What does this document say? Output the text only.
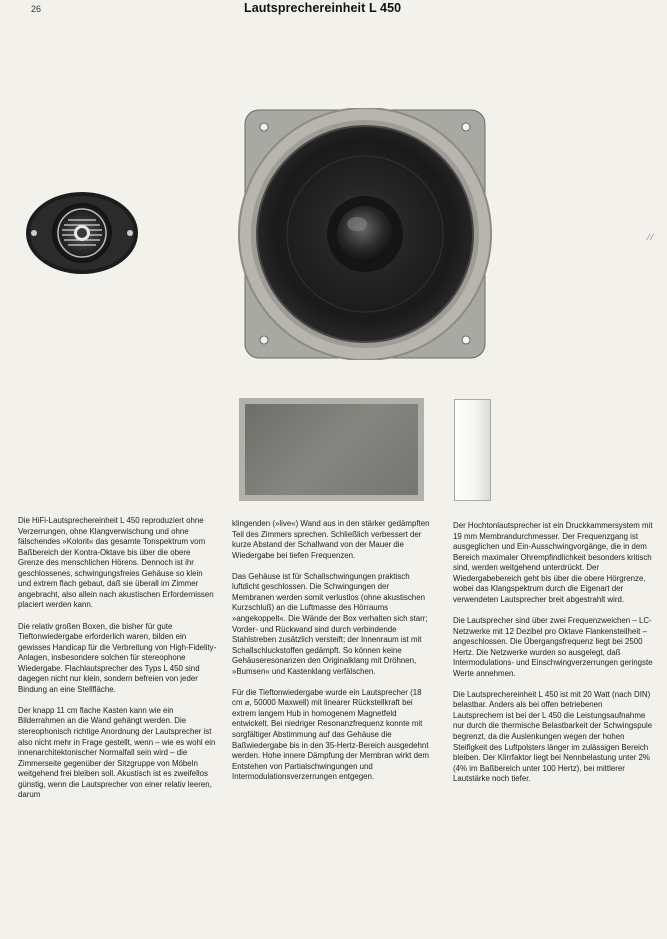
26	Lautsprechereinheit L 450
⁄ ⁄

Die HiFi-Lautsprechereinheit L 450 reproduziert ohne Verzerrungen, ohne Klangverwischung und ohne fälschendes »Kolorit« das gesamte Tonspektrum vom Baßbereich der Kontra-Oktave bis über die obere Grenze des menschlichen Hörens. Dennoch ist ihr geschlossenes, schwingungsfreies Gehäuse so klein und extrem flach gebaut, daß sie überall im Zimmer angebracht, also allein nach akustischen Erfordernissen placiert werden kann.

Die relativ großen Boxen, die bisher für gute Tieftonwiedergabe erforderlich waren, bilden ein gewisses Handicap für die Verbreitung von High-Fidelity-Anlagen, insbesondere solchen für stereophone Wiedergabe. Flachlautsprecher des Typs L 450 sind dagegen nicht nur klein, sondern befreien von jeder Bindung an eine Stellfläche.

Der knapp 11 cm flache Kasten kann wie ein Bilderrahmen an die Wand gehängt werden. Die stereophonisch richtige Anordnung der Lautsprecher ist also nicht mehr in Frage gestellt, wenn – wie es wohl ein innenarchitektonischer Normalfall sein wird – die Zimmerseite gegenüber der Sitzgruppe von Möbeln weitgehend frei bleiben soll. Akustisch ist es zweifellos günstig, wenn die Lautsprecher von einer relativ leeren, darum

klingenden (»live«) Wand aus in den stärker gedämpften Teil des Zimmers sprechen. Schließlich verbessert der kurze Abstand der Schallwand von der Mauer die Wiedergabe bei tiefen Frequenzen.

Das Gehäuse ist für Schallschwingungen praktisch luftdicht geschlossen. Die Schwingungen der Membranen werden somit verlustlos (ohne akustischen Kurzschluß) an die Luftmasse des Hörraums »angekoppelt«. Die Wände der Box verhalten sich starr; Vorder- und Rückwand sind durch verbindende Stahlstreben zusätzlich versteift; der Innenraum ist mit Schallschluckstoffen gedämpft. So können keine Gehäuseresonanzen den Originalklang mit Dröhnen, »Bumsen« und Kastenklang verfälschen.

Für die Tieftonwiedergabe wurde ein Lautsprecher (18 cm ⌀, 50000 Maxwell) mit linearer Rückstellkraft bei extrem langem Hub in homogenem Magnetfeld entwickelt. Bei niedriger Resonanzfrequenz konnte mit sorgfältiger Abstimmung auf das Gehäuse die Baßwiedergabe bis in den 35-Hertz-Bereich ausgedehnt werden. Hohe innere Dämpfung der Membran wirkt dem Entstehen von Partialschwingungen und Intermodulationsverzerrungen entgegen.

Der Hochtonlautsprecher ist ein Druckkammersystem mit 19 mm Membrandurchmesser. Der Frequenzgang ist ausgeglichen und Ein-Ausschwingvorgänge, die in dem Bereich maximaler Ohrempfindlichkeit besonders kritisch sind, werden weitgehend unterdrückt. Der Wiedergabebereich geht bis über die obere Hörgrenze, wobei das Klangspektrum durch die Eigenart der verwendeten Lautsprecher breit abgestrahlt wird.

Die Lautsprecher sind über zwei Frequenzweichen – LC-Netzwerke mit 12 Dezibel pro Oktave Flankensteilheit – angeschlossen. Die Übergangsfrequenz liegt bei 2500 Hertz. Die Netzwerke wurden so ausgelegt, daß Intermodulations- und Einschwingverzerrungen geringste Werte annehmen.

Die Lautsprechereinheit L 450 ist mit 20 Watt (nach DIN) belastbar. Anders als bei offen betriebenen Lautsprechern ist bei der L 450 die Leistungsaufnahme nur durch die thermische Belastbarkeit der Schwingspule begrenzt, da die Auslenkungen wegen der hohen Steifigkeit des Luftpolsters länger im zulässigen Bereich bleiben. Der Klirrfaktor liegt bei Nennbelastung unter 2% (4% im Baßbereich unter 100 Hertz), bei mittlerer Lautstärke noch tiefer.
